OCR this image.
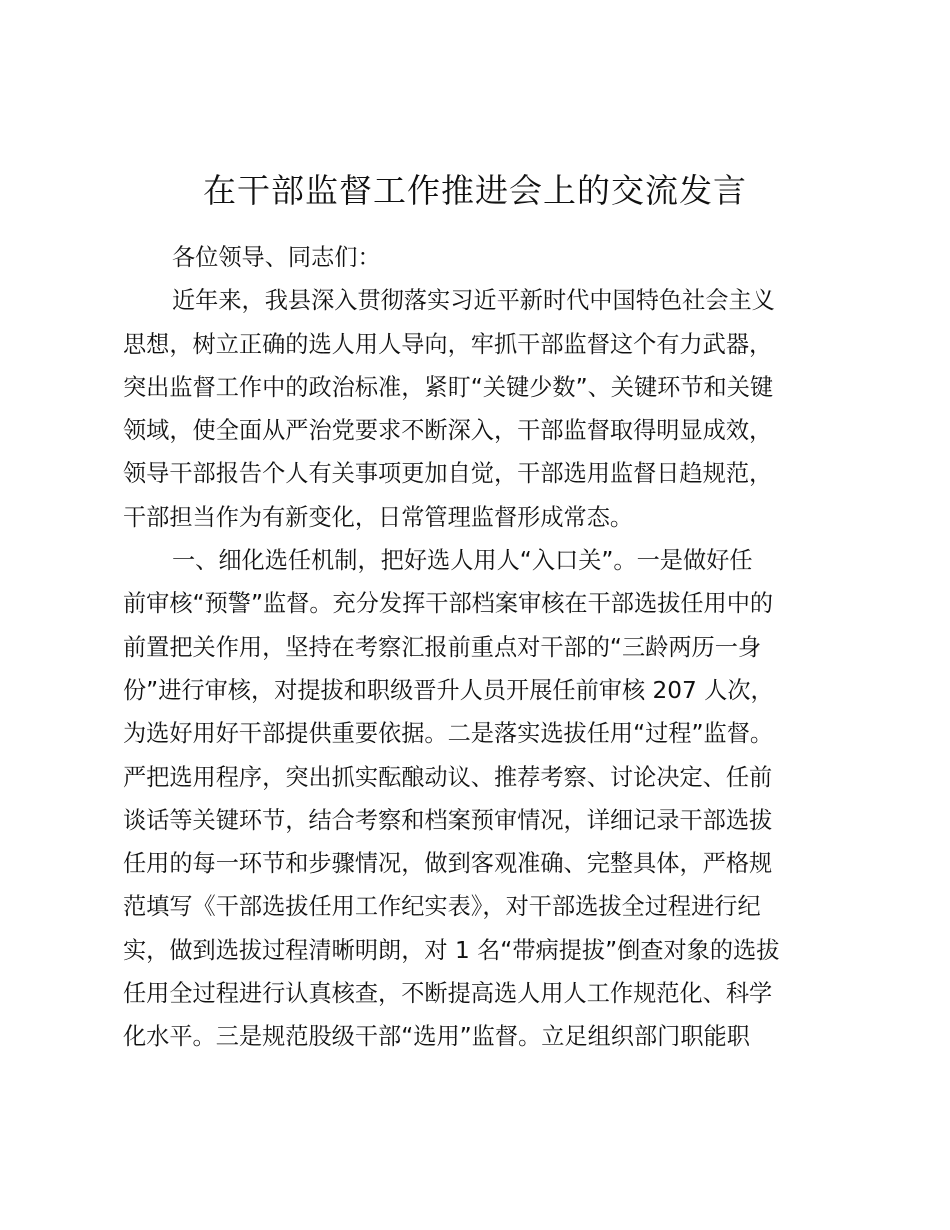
在干部监督工作推进会上的交流发言
各位领导、同志们：
近年来，我县深入贯彻落实习近平新时代中国特色社会主义
思想，树立正确的选人用人导向，牢抓干部监督这个有力武器，
突出监督工作中的政治标准，紧盯“关键少数”、关键环节和关键
领域，使全面从严治党要求不断深入，干部监督取得明显成效，
领导干部报告个人有关事项更加自觉，干部选用监督日趋规范，
干部担当作为有新变化，日常管理监督形成常态。
一、细化选任机制，把好选人用人“入口关”。一是做好任
前审核“预警”监督。充分发挥干部档案审核在干部选拔任用中的
前置把关作用，坚持在考察汇报前重点对干部的“三龄两历一身
份”进行审核，对提拔和职级晋升人员开展任前审核 207 人次，
为选好用好干部提供重要依据。二是落实选拔任用“过程”监督。
严把选用程序，突出抓实酝酿动议、推荐考察、讨论决定、任前
谈话等关键环节，结合考察和档案预审情况，详细记录干部选拔
任用的每一环节和步骤情况，做到客观准确、完整具体，严格规
范填写《干部选拔任用工作纪实表》，对干部选拔全过程进行纪
实，做到选拔过程清晰明朗，对 1 名“带病提拔”倒查对象的选拔
任用全过程进行认真核查，不断提高选人用人工作规范化、科学
化水平。三是规范股级干部“选用”监督。立足组织部门职能职
